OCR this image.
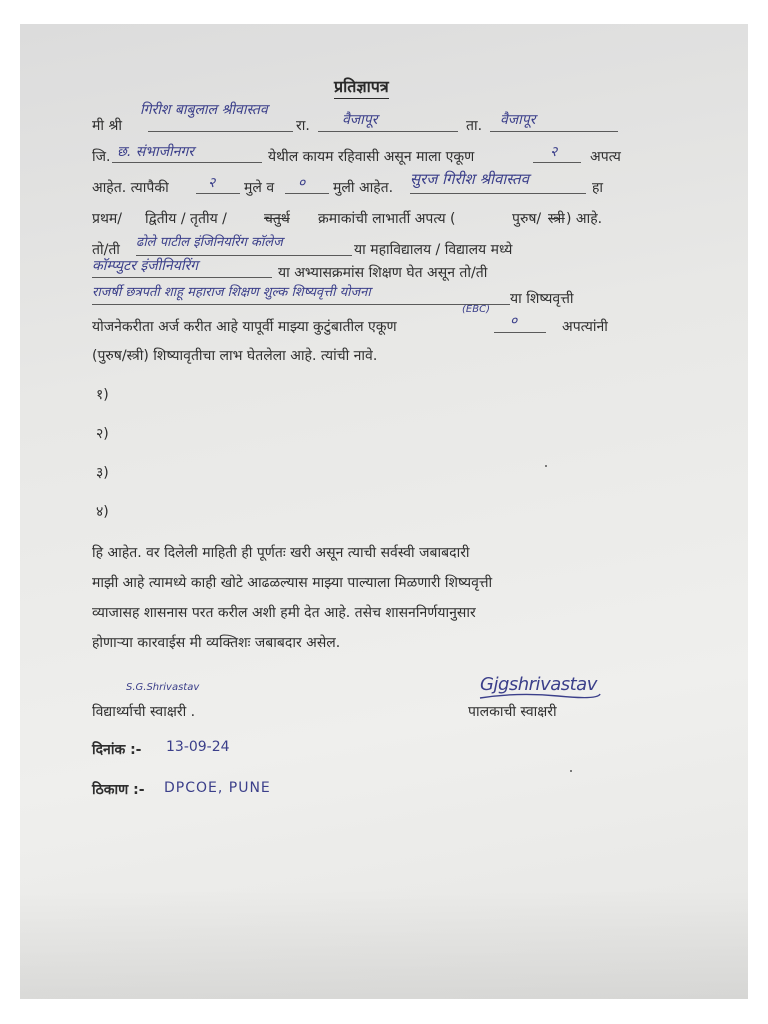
प्रतिज्ञापत्र
मी श्री
गिरीश बाबुलाल श्रीवास्तव
रा. वैजापूर	ता. वैजापूर
जि. छ. संभाजीनगर	येथील कायम रहिवासी असून माला एकूण	२ अपत्य
आहेत. त्यापैकी	२ मुले व ० मुली आहेत. सुरज गिरीश श्रीवास्तव	हा
प्रथम/ द्वितीय / तृतीय /	चतुर्थ क्रमाकांची लाभार्ती अपत्य (	पुरुष/ स्त्री ) आहे.
तो/ती ढोले पाटील इंजिनियरिंग कॉलेज	या महाविद्यालय / विद्यालय मध्ये
कॉम्प्युटर इंजीनियरिंग	या अभ्यासक्रमांस शिक्षण घेत असून तो/ती
राजर्षी छत्रपती शाहू महाराज शिक्षण शुल्क शिष्यवृत्ती योजना
(EBC)
या शिष्यवृत्ती
योजनेकरीता अर्ज करीत आहे यापूर्वी माझ्या कुटुंबातील एकूण	०	अपत्यांनी
(पुरुष/स्त्री) शिष्यावृतीचा लाभ घेतलेला आहे. त्यांची नावे.
१)
२)
३)
४)
हि आहेत. वर दिलेली माहिती ही पूर्णतः खरी असून त्याची सर्वस्वी जबाबदारी
माझी आहे त्यामध्ये काही खोटे आढळल्यास माझ्या पाल्याला मिळणारी शिष्यवृत्ती
व्याजासह शासनास परत करील अशी हमी देत आहे. तसेच शासननिर्णयानुसार
होणाऱ्या कारवाईस मी व्यक्तिशः जबाबदार असेल.
S.G.Shrivastav
विद्यार्थ्याची स्वाक्षरी .
Gjgshrivastav
पालकाची स्वाक्षरी
दिनांक :- 13-09-24
ठिकाण :- DPCOE, PUNE
